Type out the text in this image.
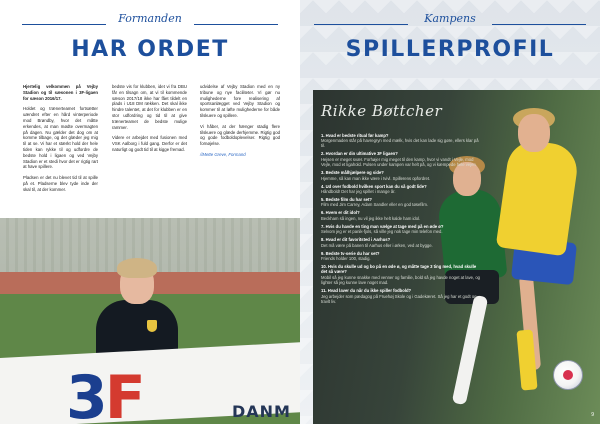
Formanden
HAR ORDET

Hjertelig velkommen på Vejby Stadion og til sæsonen i 3F-ligaen for sæson 2016/17.

Holdet og trænerteamet fortsætter uændret efter en hård vinterperiode mod Brøndby, hvor det måtte erkendes, at man mødte overmagten på dagen. Nu gælder det dog om at komme tilbage, og det glæder jeg mig til at se. Vi har et stærkt hold der hele tiden kan rykke til og udfordre de bedste hold i ligaen og ved Vejby Stadion er et stedi hvor det er rigtig rart at have spillere.

Pladsen er det nu blevet tid til at spille på et. Pladserne blev tyde inde der skal til, at der kommer.

bedste vis for klubben, idet vi fra DBU får en tilsagn om, at vi til kommende sæson 2017/18 ikke har fået tildelt en plads i U18 DM rækken. Det skal ikke hindre talentet, at det for klubben er en stor udfordring og tid til at give trænerteamet de bedste mulige rammer.

Videre er arbejdet med fusionen med VSK Aalborg i fuld gang. Derfor er det naturligt og godt tid til at kigge fremad.

udvidelse af Vejby Stadion med en ny tribune og nye faciliteter. Vi gør nu mulighederne fore realisering af sportsanlægget ved Vejby Stadion og kommer til at løfte mulighederne for både tilskuere og spillere.

Vi håber, at der hænger stadig flere tilskuere og glæde derhjemme. Rigtig god og gode fodboldoplevelser. Rigtig god fornøjelse.

//Mette Greve, Formand

3F	DANM
Kampens
SPILLERPROFIL
Rikke Bøttcher
1. Hvad er bedste ritual før kamp?
Morgenmaden står på havregryn med mælk, hvis det kan lade sig gøre, ellers klar på til.
2. Hvordan er din ultimative 3F ligaen?
Hejsen er meget svær. Forhøjer mig meget til den kamp, hvor vi vandt i Vejle, mod Vejle, mod et ligahold. Pulsen under kampen var helt på, og vi kæmpede hele vejen.
3. Bedste målhjælpere og side?
Hjemme, så kan man ikke være i tvivl. Spillerens opfordret.
4. Ud over fodbold hvilken sport kan du så godt lide?
Håndbold! Det har jeg spillet i mange år.
5. Bedste film du har set?
Film med Jim Carrey, Adam Sandler eller en god tøsefilm.
6. Hvem er dit idol?
Beckham så ingen, nu vil jeg ikke helt kalde ham idol.
7. Hvis du havde en ting man vælge at tage med på en øde ø?
Selvom jeg er et panik-fjols, så ville jeg nok tage min telefon med.
8. Hvad er dit favoritsted i Aarhus?
Det må være på banen til Aarhus eller i ørken, ved at bygge.
9. Bedste tv-serie du har set?
Friends holder 100, stadig.
10. Hvis du skulle ud og bo på en øde ø, og måtte tage 3 ting med, hvad skulle det så være?
Mobil så jeg kunne snakke med venner og familie, bold så jeg havde noget at lave, og lighter så jeg kunne lave noget mad.
11. Hvad laver du når du ikke spiller fodbold?
Jeg arbejder som pædagog på Fruehøj Skole og i Gadekæret. Så jeg har et godt og travlt liv.
9
